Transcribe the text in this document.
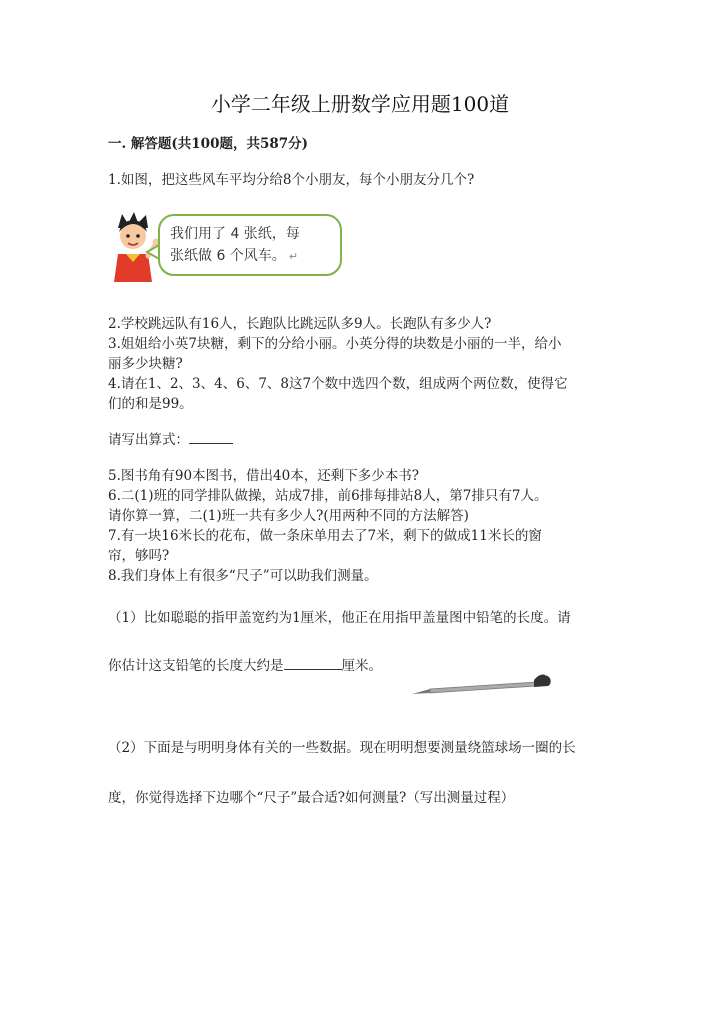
小学二年级上册数学应用题100道
一. 解答题(共100题，共587分)
1.如图，把这些风车平均分给8个小朋友，每个小朋友分几个?
我们用了 4 张纸，每
张纸做 6 个风车。 ↵
2.学校跳远队有16人，长跑队比跳远队多9人。长跑队有多少人?
3.姐姐给小英7块糖，剩下的分给小丽。小英分得的块数是小丽的一半，给小
丽多少块糖?
4.请在1、2、3、4、6、7、8这7个数中选四个数，组成两个两位数，使得它
们的和是99。
请写出算式：
5.图书角有90本图书，借出40本，还剩下多少本书?
6.二(1)班的同学排队做操，站成7排，前6排每排站8人，第7排只有7人。
请你算一算，二(1)班一共有多少人?(用两种不同的方法解答)
7.有一块16米长的花布，做一条床单用去了7米，剩下的做成11米长的窗
帘，够吗?
8.我们身体上有很多“尺子”可以助我们测量。
（1）比如聪聪的指甲盖宽约为1厘米，他正在用指甲盖量图中铅笔的长度。请
你估计这支铅笔的长度大约是	厘米。
（2）下面是与明明身体有关的一些数据。现在明明想要测量绕篮球场一圈的长
度，你觉得选择下边哪个“尺子”最合适?如何测量?（写出测量过程）
